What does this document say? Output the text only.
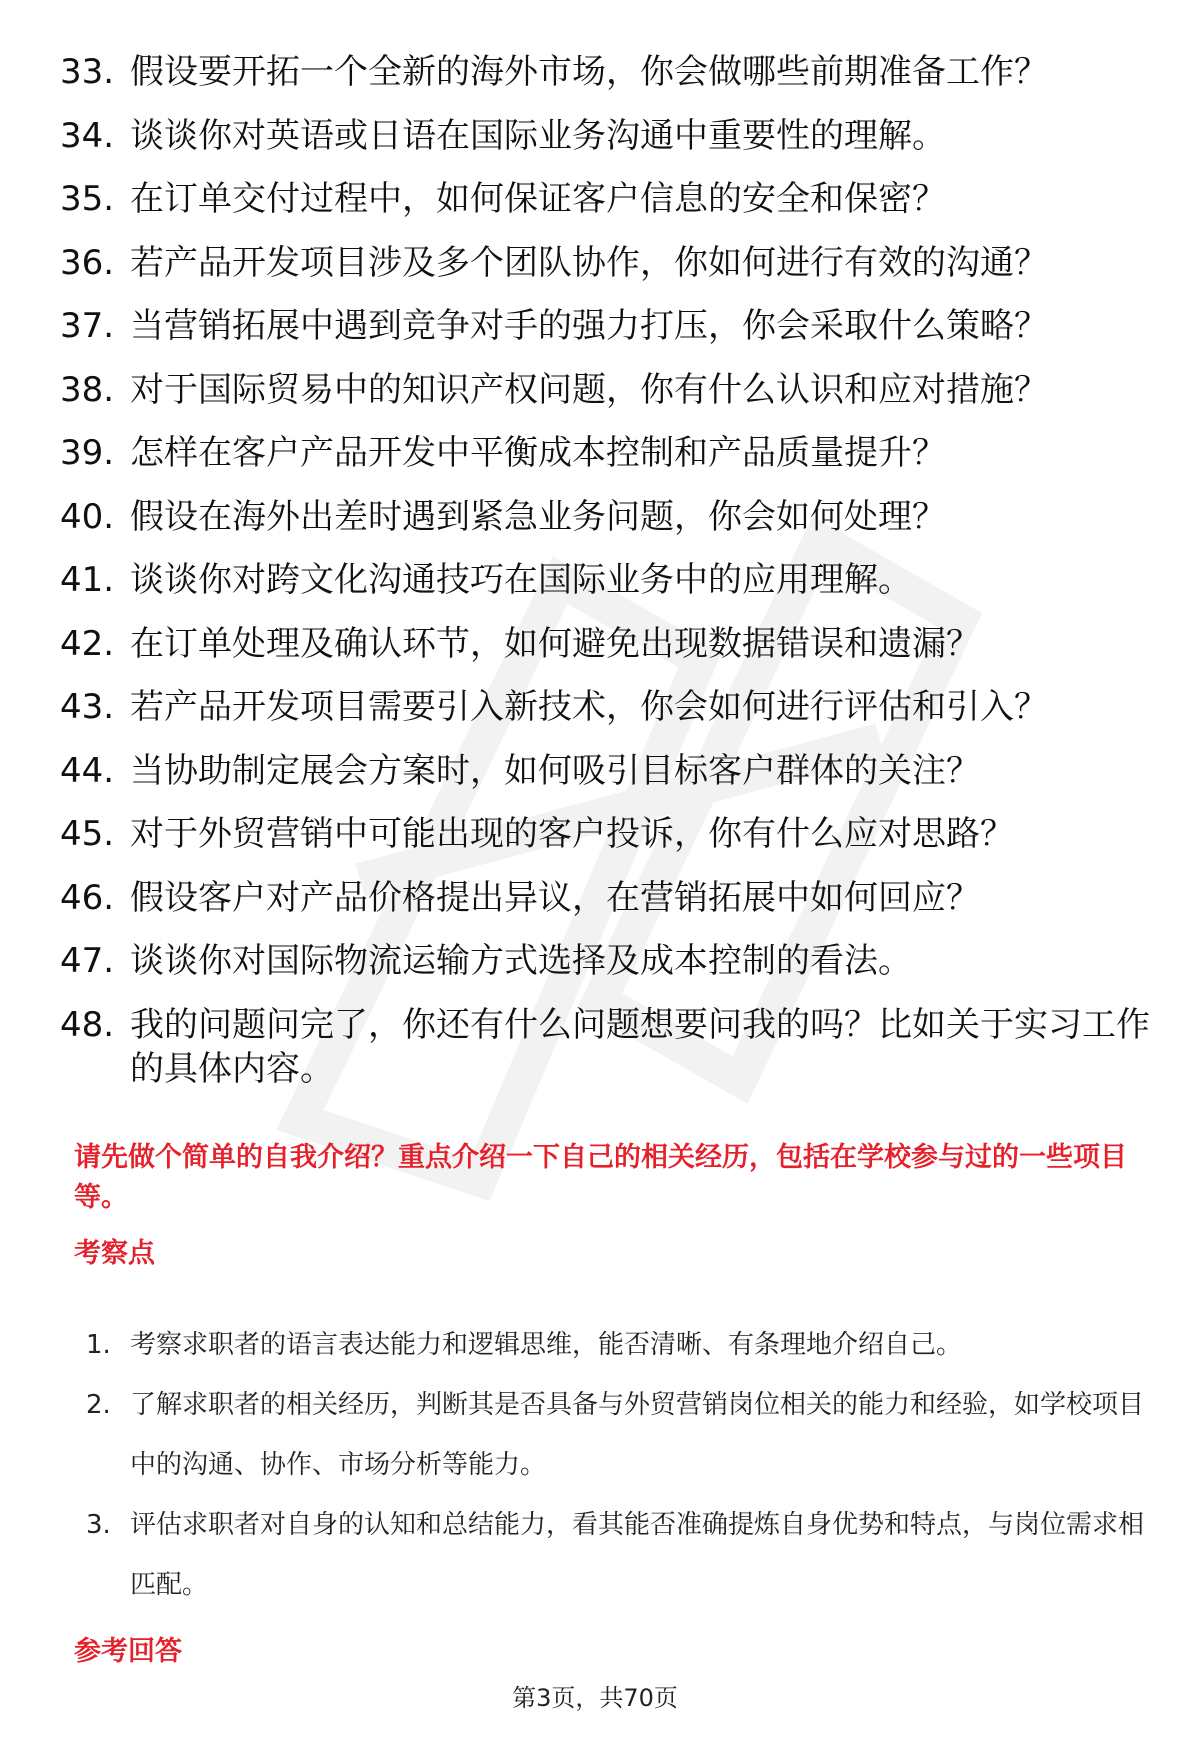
33. 假设要开拓一个全新的海外市场，你会做哪些前期准备工作？
34. 谈谈你对英语或日语在国际业务沟通中重要性的理解。
35. 在订单交付过程中，如何保证客户信息的安全和保密？
36. 若产品开发项目涉及多个团队协作，你如何进行有效的沟通？
37. 当营销拓展中遇到竞争对手的强力打压，你会采取什么策略？
38. 对于国际贸易中的知识产权问题，你有什么认识和应对措施？
39. 怎样在客户产品开发中平衡成本控制和产品质量提升？
40. 假设在海外出差时遇到紧急业务问题，你会如何处理？
41. 谈谈你对跨文化沟通技巧在国际业务中的应用理解。
42. 在订单处理及确认环节，如何避免出现数据错误和遗漏？
43. 若产品开发项目需要引入新技术，你会如何进行评估和引入？
44. 当协助制定展会方案时，如何吸引目标客户群体的关注？
45. 对于外贸营销中可能出现的客户投诉，你有什么应对思路？
46. 假设客户对产品价格提出异议，在营销拓展中如何回应？
47. 谈谈你对国际物流运输方式选择及成本控制的看法。
48. 我的问题问完了，你还有什么问题想要问我的吗？比如关于实习工作的具体内容。
请先做个简单的自我介绍？重点介绍一下自己的相关经历，包括在学校参与过的一些项目等。
考察点
1. 考察求职者的语言表达能力和逻辑思维，能否清晰、有条理地介绍自己。
2. 了解求职者的相关经历，判断其是否具备与外贸营销岗位相关的能力和经验，如学校项目中的沟通、协作、市场分析等能力。
3. 评估求职者对自身的认知和总结能力，看其能否准确提炼自身优势和特点，与岗位需求相匹配。
参考回答
第3页，共70页
